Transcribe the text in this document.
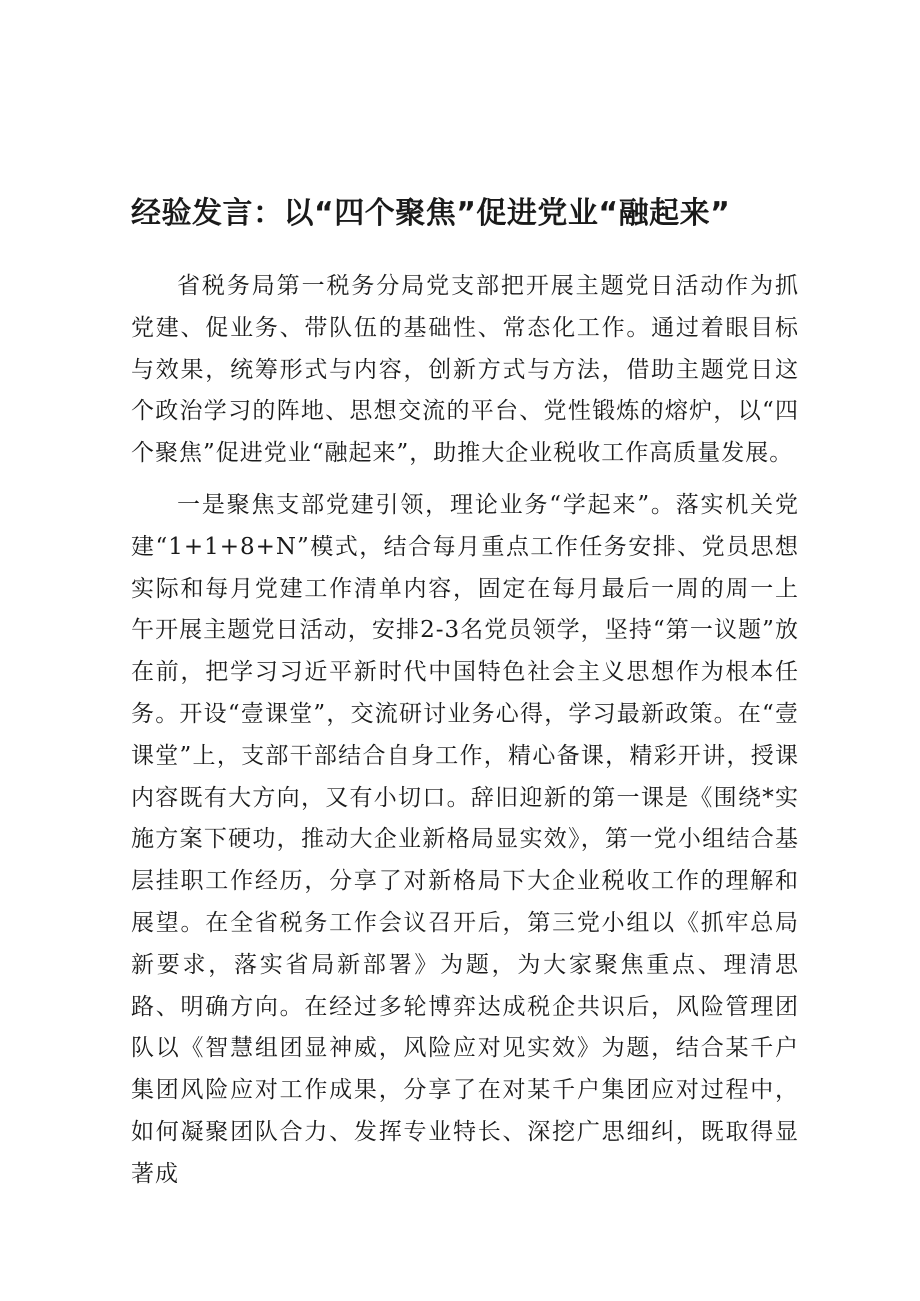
经验发言：以“四个聚焦”促进党业“融起来”

省税务局第一税务分局党支部把开展主题党日活动作为抓党建、促业务、带队伍的基础性、常态化工作。通过着眼目标与效果，统筹形式与内容，创新方式与方法，借助主题党日这个政治学习的阵地、思想交流的平台、党性锻炼的熔炉，以“四个聚焦”促进党业“融起来”，助推大企业税收工作高质量发展。

一是聚焦支部党建引领，理论业务“学起来”。落实机关党建“1+1+8+N”模式，结合每月重点工作任务安排、党员思想实际和每月党建工作清单内容，固定在每月最后一周的周一上午开展主题党日活动，安排2-3名党员领学，坚持“第一议题”放在前，把学习习近平新时代中国特色社会主义思想作为根本任务。开设“壹课堂”，交流研讨业务心得，学习最新政策。在“壹课堂”上，支部干部结合自身工作，精心备课，精彩开讲，授课内容既有大方向，又有小切口。辞旧迎新的第一课是《围绕*实施方案下硬功，推动大企业新格局显实效》，第一党小组结合基层挂职工作经历，分享了对新格局下大企业税收工作的理解和展望。在全省税务工作会议召开后，第三党小组以《抓牢总局新要求，落实省局新部署》为题，为大家聚焦重点、理清思路、明确方向。在经过多轮博弈达成税企共识后，风险管理团队以《智慧组团显神威，风险应对见实效》为题，结合某千户集团风险应对工作成果，分享了在对某千户集团应对过程中，如何凝聚团队合力、发挥专业特长、深挖广思细纠，既取得显著成
